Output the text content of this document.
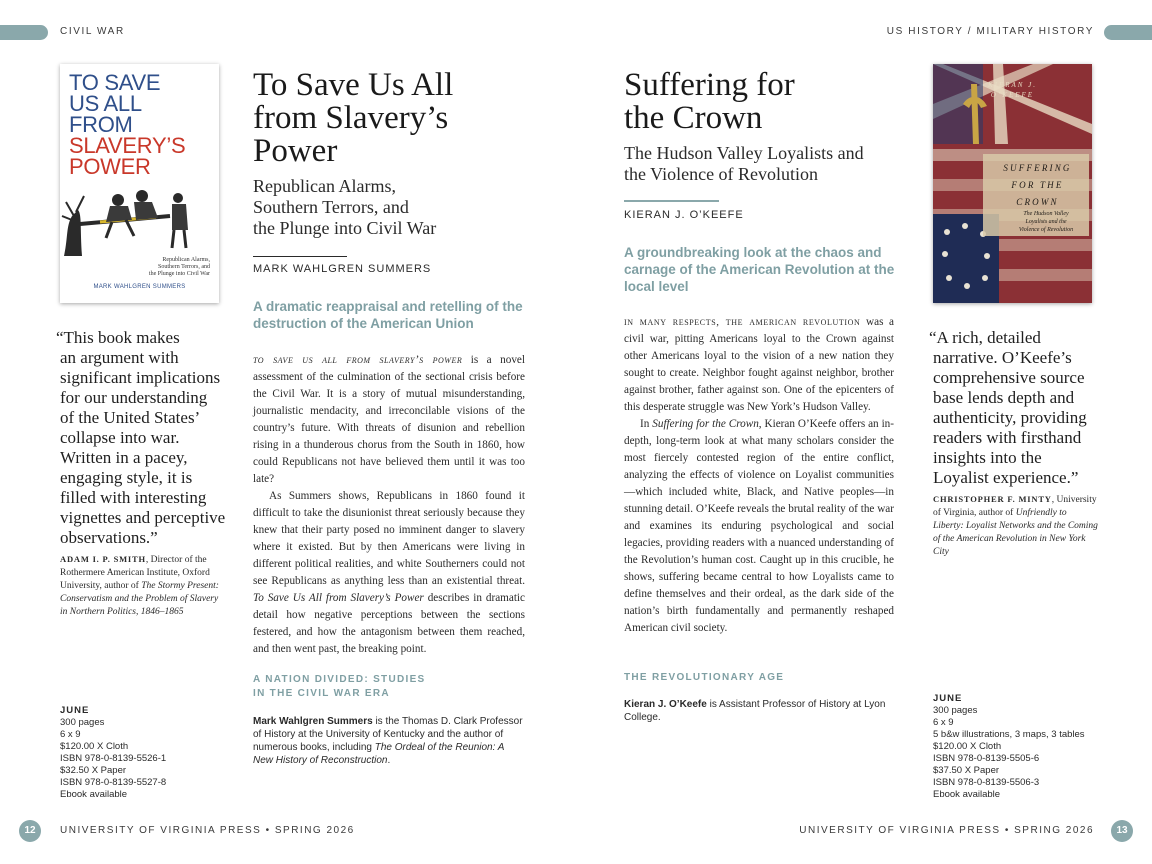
CIVIL WAR	US HISTORY / MILITARY HISTORY
TO SAVE
US ALL
FROM
SLAVERY’S
POWER
Republican Alarms,
Southern Terrors, and
the Plunge into Civil War
MARK WAHLGREN SUMMERS
“This book makes
an argument with
significant implications
for our understanding
of the United States’
collapse into war.
Written in a pacey,
engaging style, it is
filled with interesting
vignettes and perceptive
observations.”
ADAM I. P. SMITH, Director of the Rothermere American Institute, Oxford University, author of The Stormy Present: Conservatism and the Problem of Slavery in Northern Politics, 1846–1865
JUNE
300 pages
6 x 9
$120.00 X Cloth
ISBN 978-0-8139-5526-1
$32.50 X Paper
ISBN 978-0-8139-5527-8
Ebook available
To Save Us All
from Slavery’s
Power
Republican Alarms,
Southern Terrors, and
the Plunge into Civil War
MARK WAHLGREN SUMMERS
A dramatic reappraisal and retelling of the destruction of the American Union

to save us all from slavery’s power is a novel assessment of the culmination of the sectional crisis before the Civil War. It is a story of mutual misunderstanding, journalistic mendacity, and irreconcilable visions of the country’s future. With threats of disunion and rebellion rising in a thunderous chorus from the South in 1860, how could Republicans not have believed them until it was too late?

As Summers shows, Republicans in 1860 found it difficult to take the disunionist threat seriously because they knew that their party posed no imminent danger to slavery where it existed. But by then Americans were living in different political realities, and white Southerners could not see Republicans as anything less than an existential threat. To Save Us All from Slavery’s Power describes in dramatic detail how negative perceptions between the sections festered, and how the antagonism between them reached, and then went past, the breaking point.

A NATION DIVIDED: STUDIES
IN THE CIVIL WAR ERA
Mark Wahlgren Summers is the Thomas D. Clark Professor of History at the University of Kentucky and the author of numerous books, including The Ordeal of the Reunion: A New History of Reconstruction.
Suffering for
the Crown
The Hudson Valley Loyalists and
the Violence of Revolution
KIERAN J. O’KEEFE
A groundbreaking look at the chaos and carnage of the American Revolution at the local level

in many respects, the american revolution was a civil war, pitting Americans loyal to the Crown against other Americans loyal to the vision of a new nation they sought to create. Neighbor fought against neighbor, brother against brother, father against son. One of the epicenters of this desperate struggle was New York’s Hudson Valley.

In Suffering for the Crown, Kieran O’Keefe offers an in-depth, long-term look at what many scholars consider the most fiercely contested region of the entire conflict, analyzing the effects of violence on Loyalist communities—which included white, Black, and Native peoples—in stunning detail. O’Keefe reveals the brutal reality of the war and examines its enduring psychological and social legacies, providing readers with a nuanced understanding of the Revolution’s human cost. Caught up in this crucible, he shows, suffering became central to how Loyalists came to define themselves and their ordeal, as the dark side of the nation’s birth fundamentally and permanently reshaped American civil society.

THE REVOLUTIONARY AGE
Kieran J. O’Keefe is Assistant Professor of History at Lyon College.
KIERAN J.
O’KEEFE
SUFFERING
FOR THE
CROWN
The Hudson Valley
Loyalists and the
Violence of Revolution
“A rich, detailed
narrative. O’Keefe’s
comprehensive source
base lends depth and
authenticity, providing
readers with firsthand
insights into the
Loyalist experience.”
CHRISTOPHER F. MINTY, University of Virginia, author of Unfriendly to Liberty: Loyalist Networks and the Coming of the American Revolution in New York City
JUNE
300 pages
6 x 9
5 b&w illustrations, 3 maps, 3 tables
$120.00 X Cloth
ISBN 978-0-8139-5505-6
$37.50 X Paper
ISBN 978-0-8139-5506-3
Ebook available
12	UNIVERSITY OF VIRGINIA PRESS • SPRING 2026	UNIVERSITY OF VIRGINIA PRESS • SPRING 2026	13
